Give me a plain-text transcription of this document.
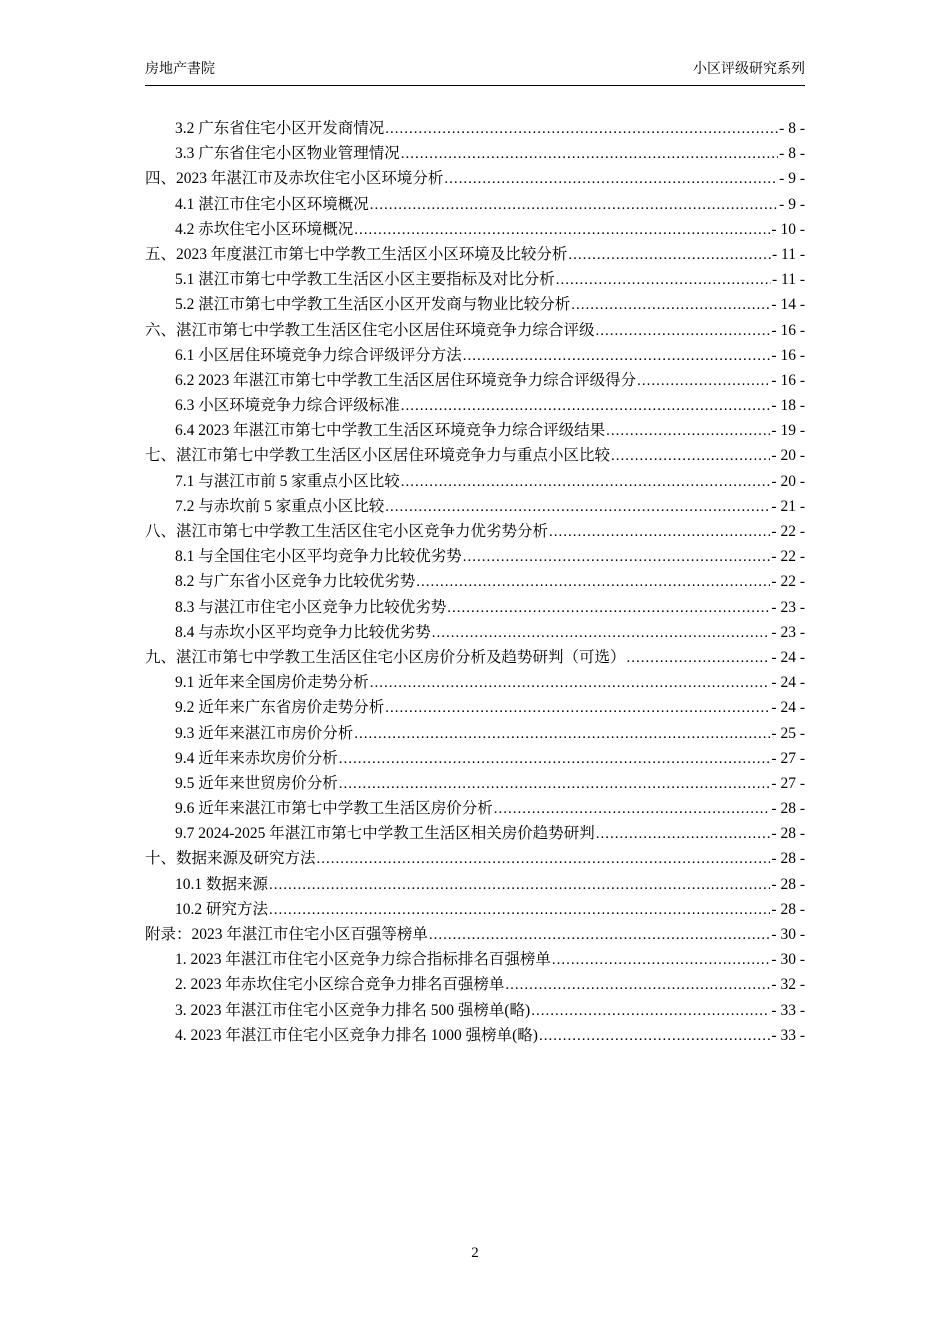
房地产書院	小区评级研究系列
3.2 广东省住宅小区开发商情况 .....	- 8 -
3.3 广东省住宅小区物业管理情况 .....	- 8 -
四、2023 年湛江市及赤坎住宅小区环境分析 .....	- 9 -
4.1 湛江市住宅小区环境概况 .....	- 9 -
4.2 赤坎住宅小区环境概况 .....	- 10 -
五、2023 年度湛江市第七中学教工生活区小区环境及比较分析 .....	- 11 -
5.1 湛江市第七中学教工生活区小区主要指标及对比分析 .....	- 11 -
5.2 湛江市第七中学教工生活区小区开发商与物业比较分析 .....	- 14 -
六、湛江市第七中学教工生活区住宅小区居住环境竞争力综合评级 .....	- 16 -
6.1 小区居住环境竞争力综合评级评分方法 .....	- 16 -
6.2 2023 年湛江市第七中学教工生活区居住环境竞争力综合评级得分 .....	- 16 -
6.3 小区环境竞争力综合评级标准 .....	- 18 -
6.4 2023 年湛江市第七中学教工生活区环境竞争力综合评级结果 .....	- 19 -
七、湛江市第七中学教工生活区小区居住环境竞争力与重点小区比较 .....	- 20 -
7.1 与湛江市前 5 家重点小区比较 .....	- 20 -
7.2 与赤坎前 5 家重点小区比较 .....	- 21 -
八、湛江市第七中学教工生活区住宅小区竞争力优劣势分析 .....	- 22 -
8.1 与全国住宅小区平均竞争力比较优劣势 .....	- 22 -
8.2 与广东省小区竞争力比较优劣势 .....	- 22 -
8.3 与湛江市住宅小区竞争力比较优劣势 .....	- 23 -
8.4 与赤坎小区平均竞争力比较优劣势 .....	- 23 -
九、湛江市第七中学教工生活区住宅小区房价分析及趋势研判（可选） .....	- 24 -
9.1 近年来全国房价走势分析 .....	- 24 -
9.2 近年来广东省房价走势分析 .....	- 24 -
9.3 近年来湛江市房价分析 .....	- 25 -
9.4 近年来赤坎房价分析 .....	- 27 -
9.5 近年来世贸房价分析 .....	- 27 -
9.6 近年来湛江市第七中学教工生活区房价分析 .....	- 28 -
9.7 2024-2025 年湛江市第七中学教工生活区相关房价趋势研判 .....	- 28 -
十、数据来源及研究方法 .....	- 28 -
10.1 数据来源 .....	- 28 -
10.2 研究方法 .....	- 28 -
附录：2023 年湛江市住宅小区百强等榜单 .....	- 30 -
1. 2023 年湛江市住宅小区竞争力综合指标排名百强榜单 .....	- 30 -
2. 2023 年赤坎住宅小区综合竞争力排名百强榜单 .....	- 32 -
3. 2023 年湛江市住宅小区竞争力排名 500 强榜单(略) .....	- 33 -
4. 2023 年湛江市住宅小区竞争力排名 1000 强榜单(略) .....	- 33 -
2
